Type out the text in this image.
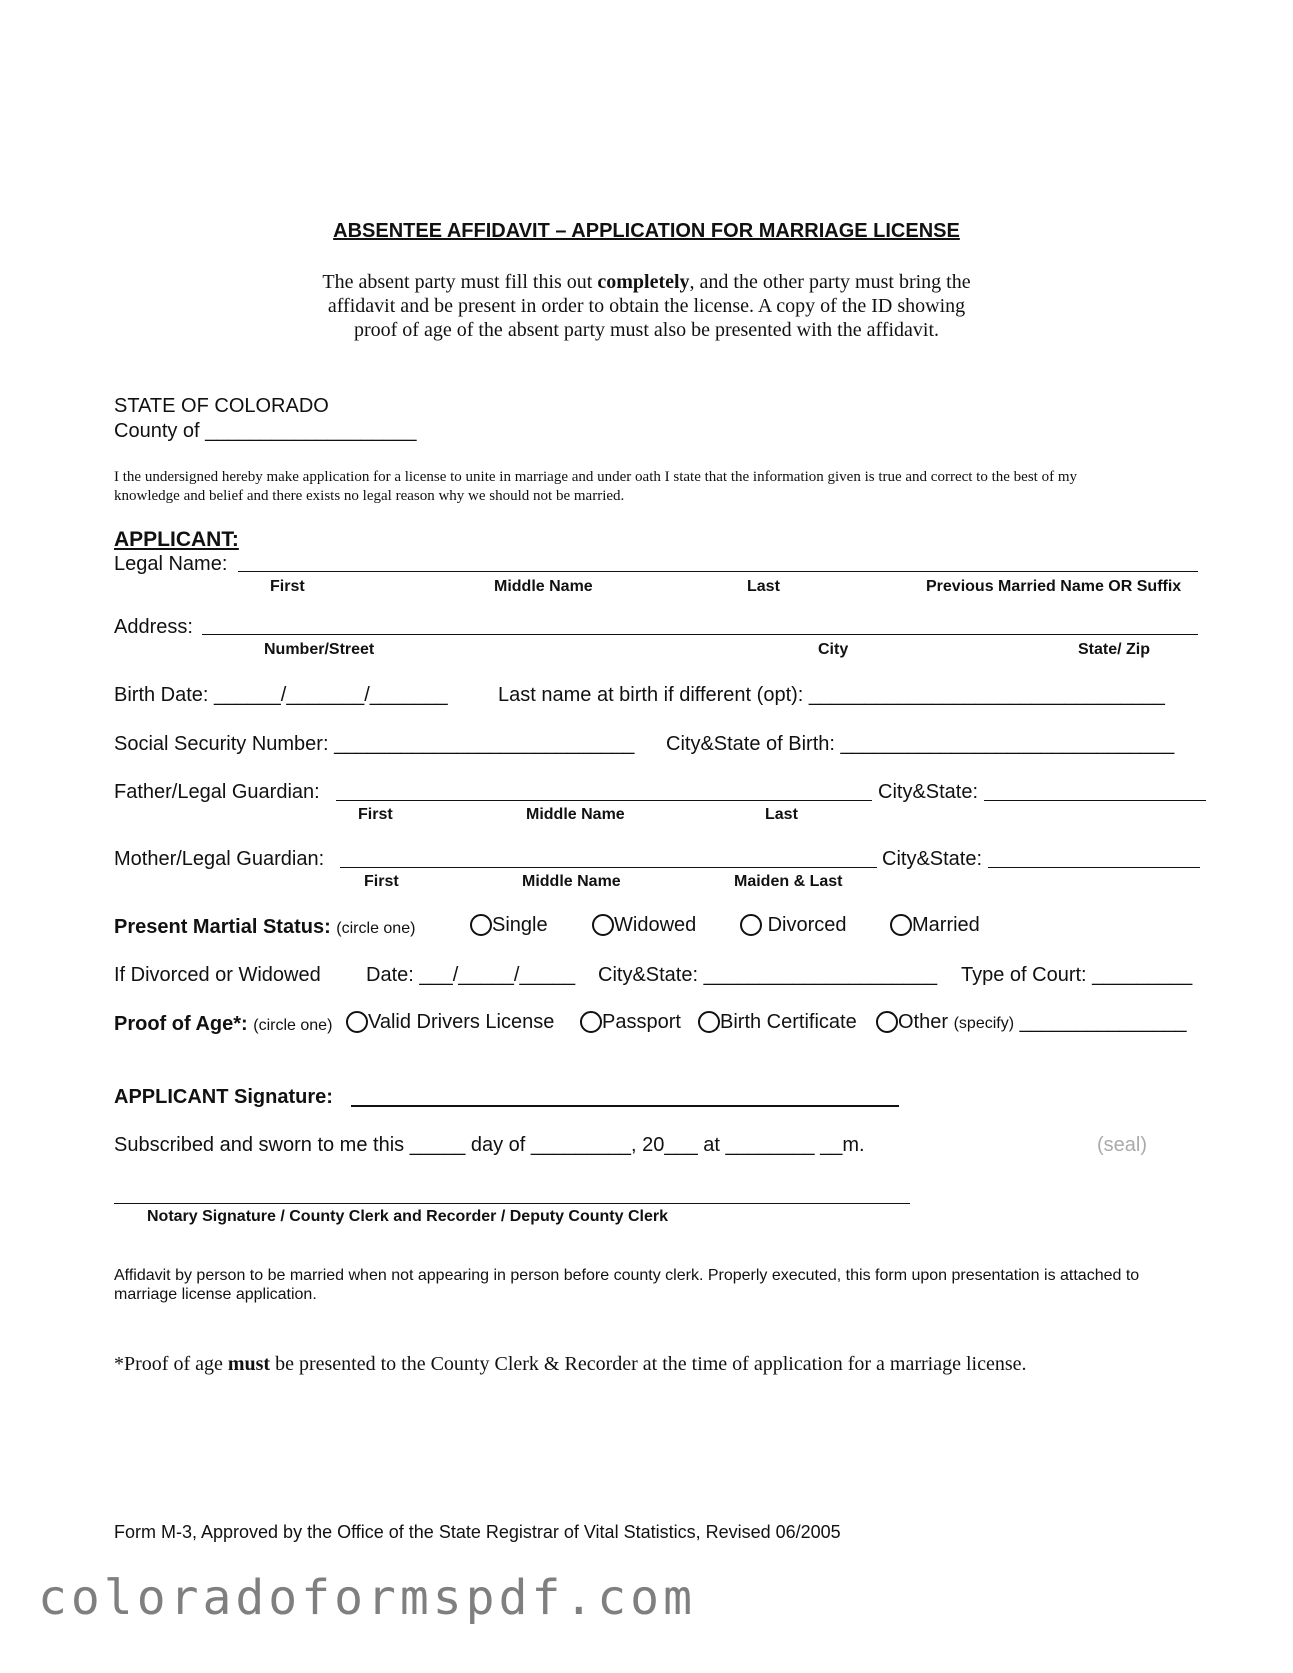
ABSENTEE AFFIDAVIT – APPLICATION FOR MARRIAGE LICENSE
The absent party must fill this out completely, and the other party must bring the
affidavit and be present in order to obtain the license. A copy of the ID showing
proof of age of the absent party must also be presented with the affidavit.
STATE OF COLORADO
County of ___________________
I the undersigned hereby make application for a license to unite in marriage and under oath I state that the information given is true and correct to the best of my
knowledge and belief and there exists no legal reason why we should not be married.
APPLICANT:
Legal Name:
First	Middle Name	Last	Previous Married Name OR Suffix
Address:
Number/Street	City	State/ Zip
Birth Date: ______/_______/_______	Last name at birth if different (opt): ________________________________
Social Security Number: ___________________________ City&State of Birth: ______________________________
Father/Legal Guardian:	City&State:
First	Middle Name	Last
Mother/Legal Guardian:	City&State:
First	Middle Name	Maiden & Last
Present Martial Status: (circle one)	Single	Widowed	Divorced	Married
If Divorced or Widowed Date: ___/_____/_____ City&State: _____________________ Type of Court: _________
Proof of Age*: (circle one)	Valid Drivers License	Passport	Birth Certificate	Other (specify) _______________
APPLICANT Signature:
Subscribed and sworn to me this _____ day of _________, 20___ at ________ __m.	(seal)
Notary Signature / County Clerk and Recorder / Deputy County Clerk
Affidavit by person to be married when not appearing in person before county clerk. Properly executed, this form upon presentation is attached to
marriage license application.
*Proof of age must be presented to the County Clerk & Recorder at the time of application for a marriage license.
Form M-3, Approved by the Office of the State Registrar of Vital Statistics, Revised 06/2005
coloradoformspdf.com
